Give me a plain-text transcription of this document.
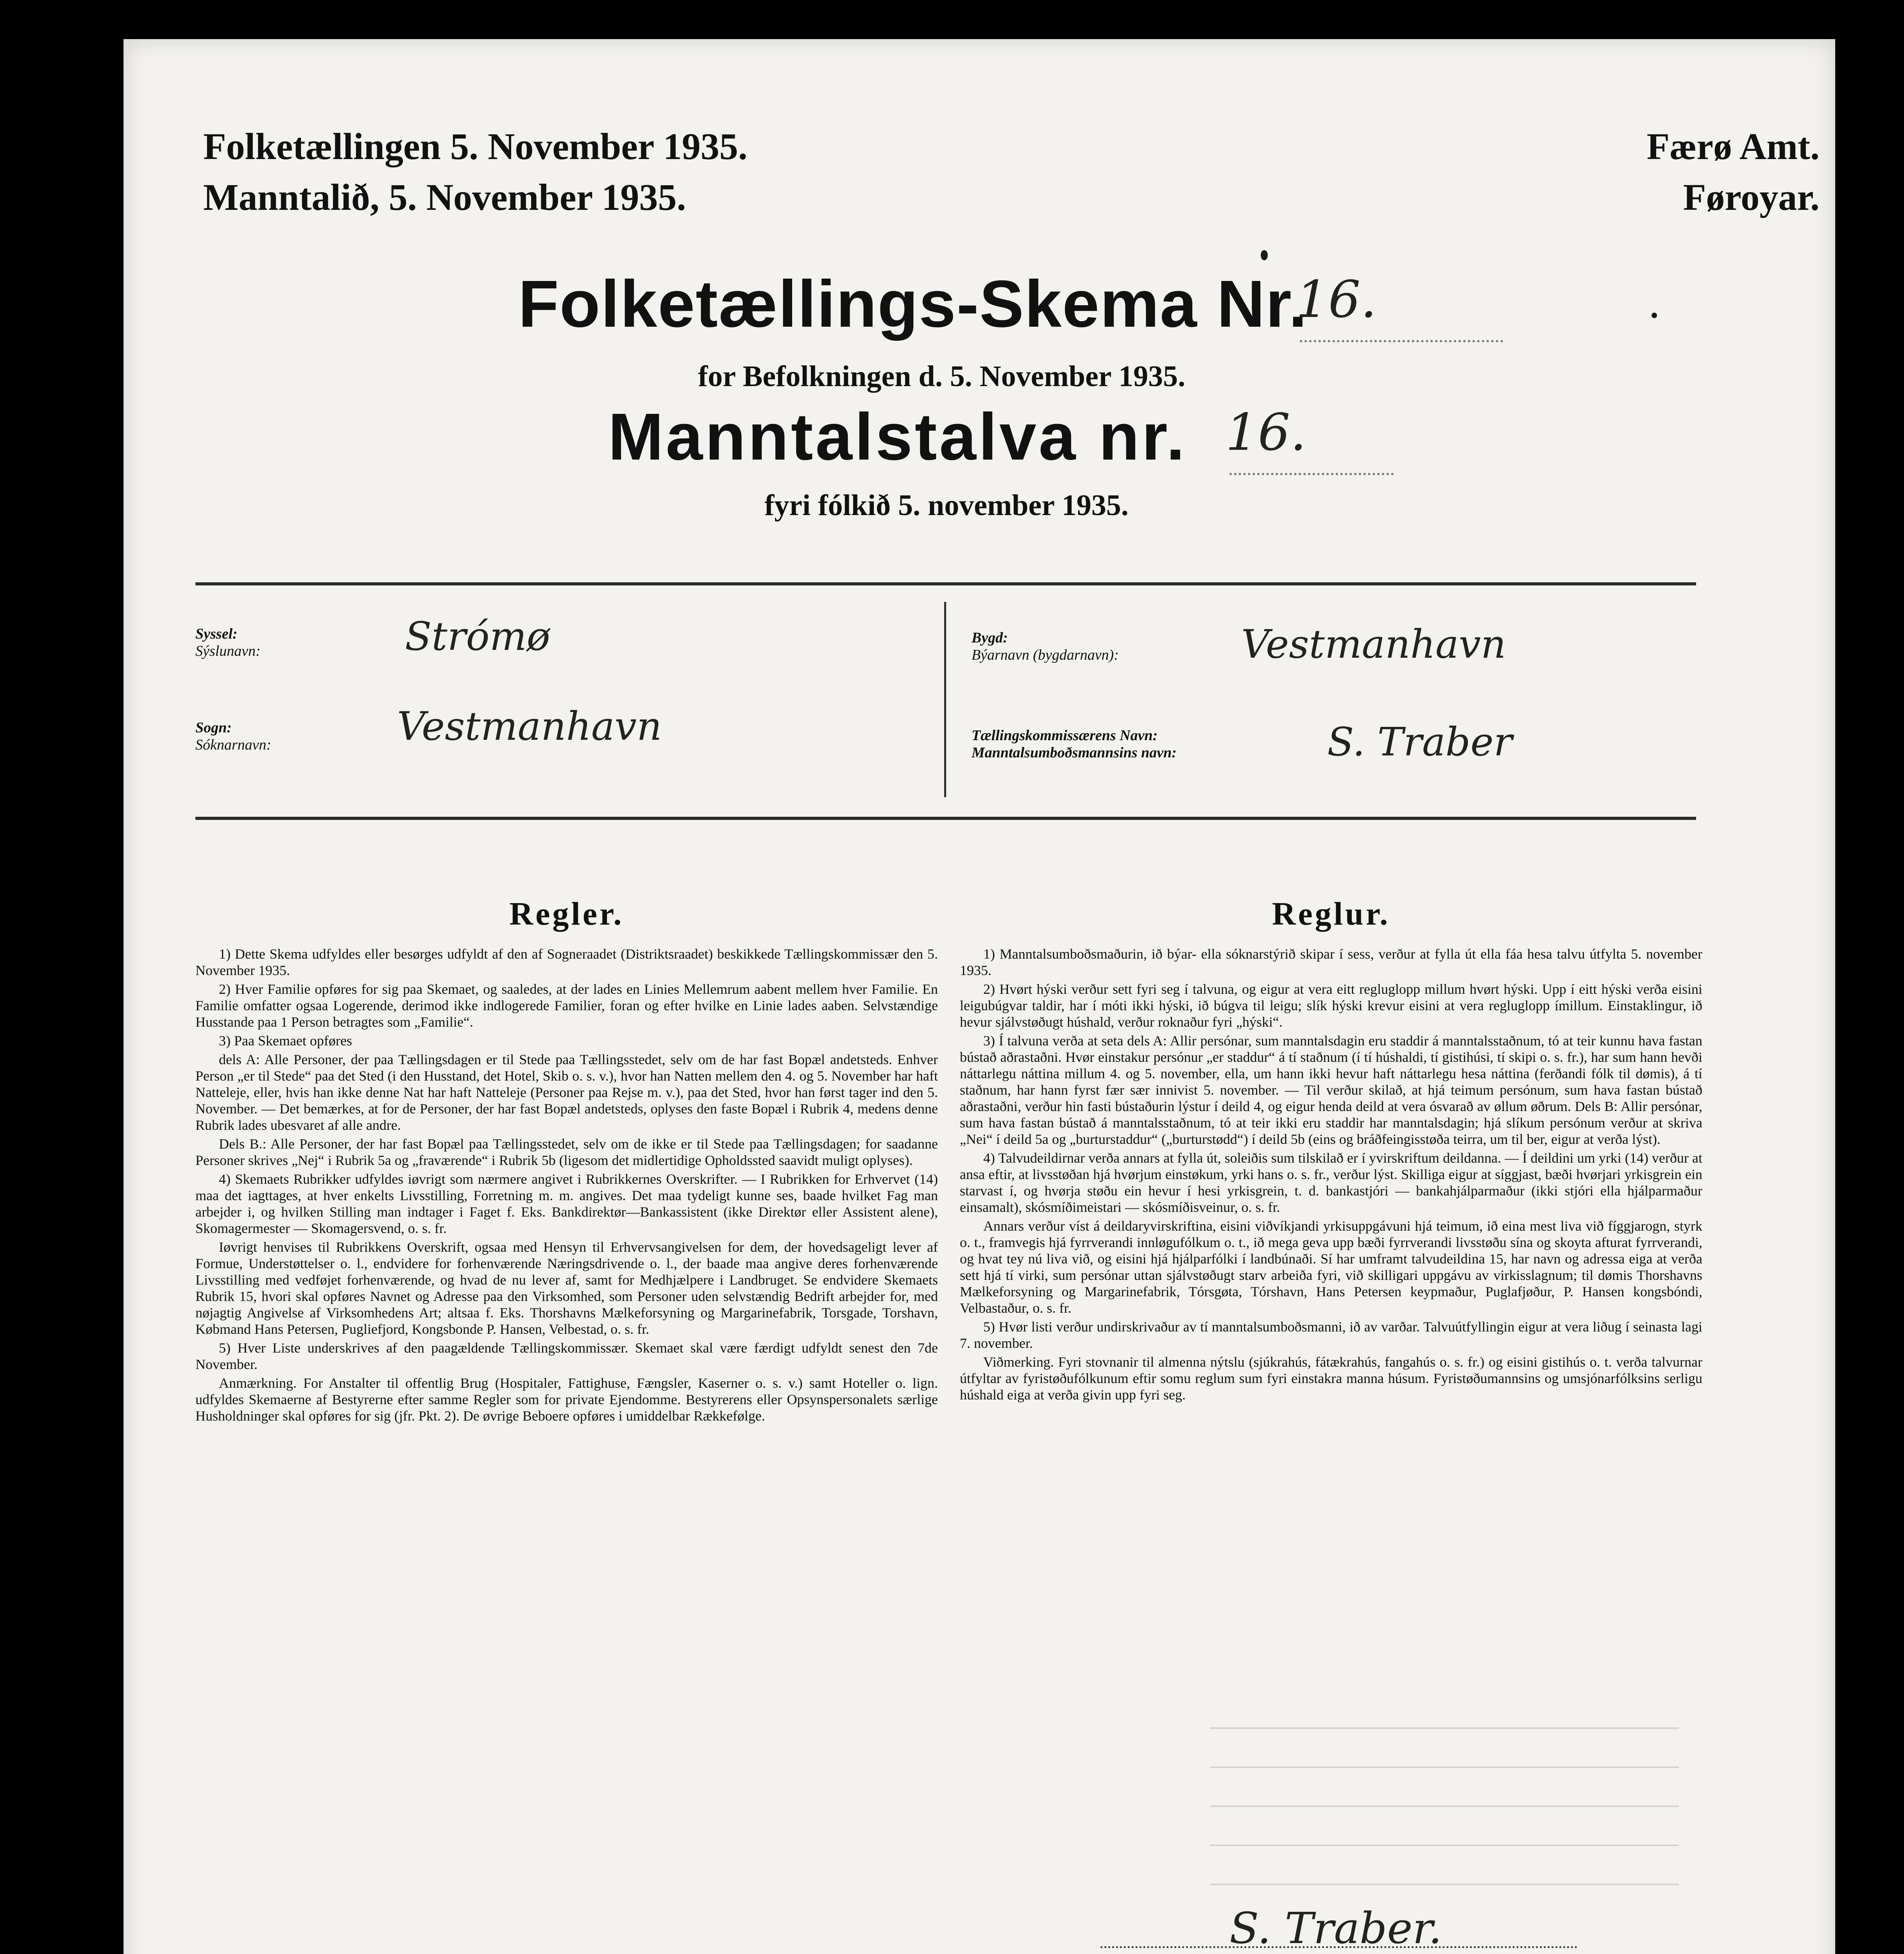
Folketællingen 5. November 1935.
Manntalið, 5. November 1935.
Færø Amt.
Føroyar.
Folketællings-Skema Nr.
16.
for Befolkningen d. 5. November 1935.
Manntalstalva nr. 16.
fyri fólkið 5. november 1935.
Syssel:
Sýslunavn:	Strómø
Sogn:
Sóknarnavn:	Vestmanhavn
Bygd:
Býarnavn (bygdarnavn):	Vestmanhavn
Tællingskommissærens Navn:
Manntalsumboðsmannsins navn:	S. Traber
Regler.

1) Dette Skema udfyldes eller besørges udfyldt af den af Sogneraadet (Distriktsraadet) beskikkede Tællingskommissær den 5. November 1935.

2) Hver Familie opføres for sig paa Skemaet, og saaledes, at der lades en Linies Mellemrum aabent mellem hver Familie. En Familie omfatter ogsaa Logerende, derimod ikke indlogerede Familier, foran og efter hvilke en Linie lades aaben. Selvstændige Husstande paa 1 Person betragtes som „Familie“.

3) Paa Skemaet opføres

dels A: Alle Personer, der paa Tællingsdagen er til Stede paa Tællingsstedet, selv om de har fast Bopæl andetsteds. Enhver Person „er til Stede“ paa det Sted (i den Husstand, det Hotel, Skib o. s. v.), hvor han Natten mellem den 4. og 5. November har haft Natteleje, eller, hvis han ikke denne Nat har haft Natteleje (Personer paa Rejse m. v.), paa det Sted, hvor han først tager ind den 5. November. — Det bemærkes, at for de Personer, der har fast Bopæl andetsteds, oplyses den faste Bopæl i Rubrik 4, medens denne Rubrik lades ubesvaret af alle andre.

Dels B.: Alle Personer, der har fast Bopæl paa Tællingsstedet, selv om de ikke er til Stede paa Tællingsdagen; for saadanne Personer skrives „Nej“ i Rubrik 5a og „fraværende“ i Rubrik 5b (ligesom det midlertidige Opholdssted saavidt muligt oplyses).

4) Skemaets Rubrikker udfyldes iøvrigt som nærmere angivet i Rubrikkernes Overskrifter. — I Rubrikken for Erhvervet (14) maa det iagttages, at hver enkelts Livsstilling, Forretning m. m. angives. Det maa tydeligt kunne ses, baade hvilket Fag man arbejder i, og hvilken Stilling man indtager i Faget f. Eks. Bankdirektør—Bankassistent (ikke Direktør eller Assistent alene), Skomagermester — Skomagersvend, o. s. fr.

Iøvrigt henvises til Rubrikkens Overskrift, ogsaa med Hensyn til Erhvervsangivelsen for dem, der hovedsageligt lever af Formue, Understøttelser o. l., endvidere for forhenværende Næringsdrivende o. l., der baade maa angive deres forhenværende Livsstilling med vedføjet forhenværende, og hvad de nu lever af, samt for Medhjælpere i Landbruget. Se endvidere Skemaets Rubrik 15, hvori skal opføres Navnet og Adresse paa den Virksomhed, som Personer uden selvstændig Bedrift arbejder for, med nøjagtig Angivelse af Virksomhedens Art; altsaa f. Eks. Thorshavns Mælkeforsyning og Margarinefabrik, Torsgade, Torshavn, Købmand Hans Petersen, Pugliefjord, Kongsbonde P. Hansen, Velbestad, o. s. fr.

5) Hver Liste underskrives af den paagældende Tællingskommissær. Skemaet skal være færdigt udfyldt senest den 7de November.

Anmærkning. For Anstalter til offentlig Brug (Hospitaler, Fattighuse, Fængsler, Kaserner o. s. v.) samt Hoteller o. lign. udfyldes Skemaerne af Bestyrerne efter samme Regler som for private Ejendomme. Bestyrerens eller Opsynspersonalets særlige Husholdninger skal opføres for sig (jfr. Pkt. 2). De øvrige Beboere opføres i umiddelbar Rækkefølge.

Reglur.

1) Manntalsumboðsmaðurin, ið býar- ella sóknarstýrið skipar í sess, verður at fylla út ella fáa hesa talvu útfylta 5. november 1935.

2) Hvørt hýski verður sett fyri seg í talvuna, og eigur at vera eitt regluglopp millum hvørt hýski. Upp í eitt hýski verða eisini leigubúgvar taldir, har í móti ikki hýski, ið búgva til leigu; slík hýski krevur eisini at vera regluglopp ímillum. Einstaklingur, ið hevur sjálvstøðugt húshald, verður roknaður fyri „hýski“.

3) Í talvuna verða at seta dels A: Allir persónar, sum manntalsdagin eru staddir á manntalsstaðnum, tó at teir kunnu hava fastan bústað aðrastaðni. Hvør einstakur persónur „er staddur“ á tí staðnum (í tí húshaldi, tí gistihúsi, tí skipi o. s. fr.), har sum hann hevði náttarlegu náttina millum 4. og 5. november, ella, um hann ikki hevur haft náttarlegu hesa náttina (ferðandi fólk til dømis), á tí staðnum, har hann fyrst fær sær innivist 5. november. — Til verður skilað, at hjá teimum persónum, sum hava fastan bústað aðrastaðni, verður hin fasti bústaðurin lýstur í deild 4, og eigur henda deild at vera ósvarað av øllum øðrum. Dels B: Allir persónar, sum hava fastan bústað á manntalsstaðnum, tó at teir ikki eru staddir har manntalsdagin; hjá slíkum persónum verður at skriva „Nei“ í deild 5a og „burturstaddur“ („burturstødd“) í deild 5b (eins og bráðfeingisstøða teirra, um til ber, eigur at verða lýst).

4) Talvudeildirnar verða annars at fylla út, soleiðis sum tilskilað er í yvirskriftum deildanna. — Í deildini um yrki (14) verður at ansa eftir, at livsstøðan hjá hvørjum einstøkum, yrki hans o. s. fr., verður lýst. Skilliga eigur at síggjast, bæði hvørjari yrkisgrein ein starvast í, og hvørja støðu ein hevur í hesi yrkisgrein, t. d. bankastjóri — bankahjálparmaður (ikki stjóri ella hjálparmaður einsamalt), skósmíðimeistari — skósmíðisveinur, o. s. fr.

Annars verður víst á deildaryvirskriftina, eisini viðvíkjandi yrkisuppgávuni hjá teimum, ið eina mest liva við fíggjarogn, styrk o. t., framvegis hjá fyrrverandi innløgufólkum o. t., ið mega geva upp bæði fyrrverandi livsstøðu sína og skoyta afturat fyrrverandi, og hvat tey nú liva við, og eisini hjá hjálparfólki í landbúnaði. Sí har umframt talvudeildina 15, har navn og adressa eiga at verða sett hjá tí virki, sum persónar uttan sjálvstøðugt starv arbeiða fyri, við skilligari uppgávu av virkisslagnum; til dømis Thorshavns Mælkeforsyning og Margarinefabrik, Tórsgøta, Tórshavn, Hans Petersen keypmaður, Puglafjøður, P. Hansen kongsbóndi, Velbastaður, o. s. fr.

5) Hvør listi verður undirskrivaður av tí manntalsumboðsmanni, ið av varðar. Talvuútfyllingin eigur at vera liðug í seinasta lagi 7. november.

Viðmerking. Fyri stovnanir til almenna nýtslu (sjúkrahús, fátækrahús, fangahús o. s. fr.) og eisini gistihús o. t. verða talvurnar útfyltar av fyristøðufólkunum eftir somu reglum sum fyri einstakra manna húsum. Fyristøðumannsins og umsjónarfólksins serligu húshald eiga at verða givin upp fyri seg.

S. Traber.
